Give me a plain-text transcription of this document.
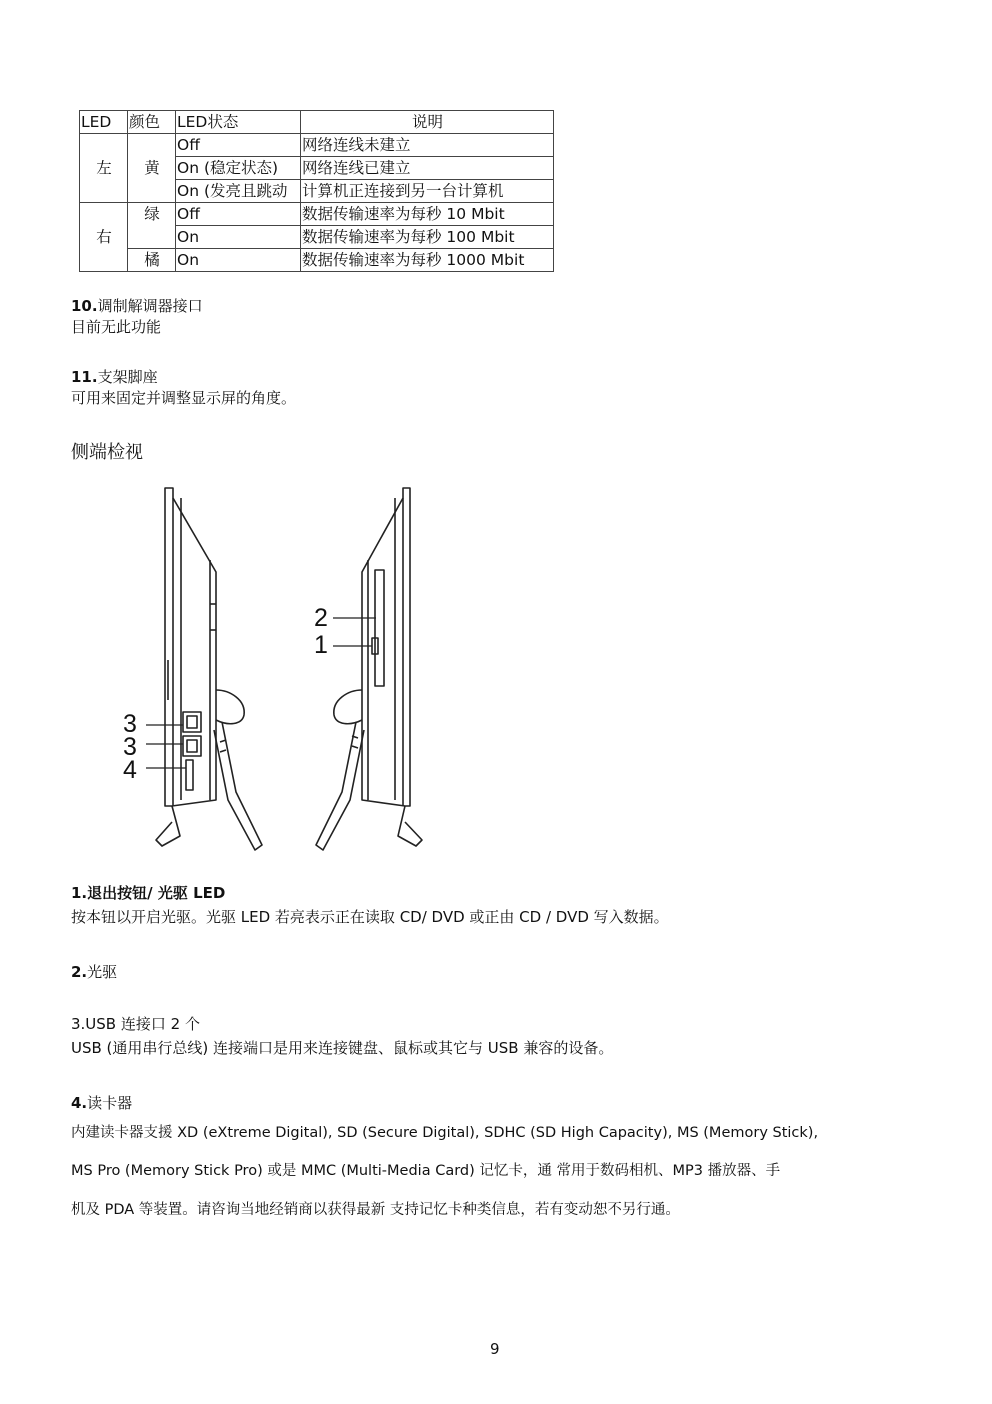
LED	颜色	LED状态	说明
左	黄	Off	网络连线未建立
		On (稳定状态)	网络连线已建立
		On (发亮且跳动	计算机正连接到另一台计算机
右	绿	Off	数据传输速率为每秒 10 Mbit
		On	数据传输速率为每秒 100 Mbit
	橘	On	数据传输速率为每秒 1000 Mbit
10.调制解调器接口
目前无此功能
11.支架脚座
可用来固定并调整显示屏的角度。
侧端检视
3
3
4
2
1
1.退出按钮/ 光驱 LED
按本钮以开启光驱。光驱 LED 若亮表示正在读取 CD/ DVD 或正由 CD / DVD 写入数据。
2.光驱
3.USB 连接口 2 个
USB (通用串行总线) 连接端口是用来连接键盘、鼠标或其它与 USB 兼容的设备。
4.读卡器
内建读卡器支援 XD (eXtreme Digital), SD (Secure Digital), SDHC (SD High Capacity), MS (Memory Stick),
MS Pro (Memory Stick Pro) 或是 MMC (Multi-Media Card) 记忆卡，通 常用于数码相机、MP3 播放器、手
机及 PDA 等装置。请咨询当地经销商以获得最新 支持记忆卡种类信息，若有变动恕不另行通。
9
